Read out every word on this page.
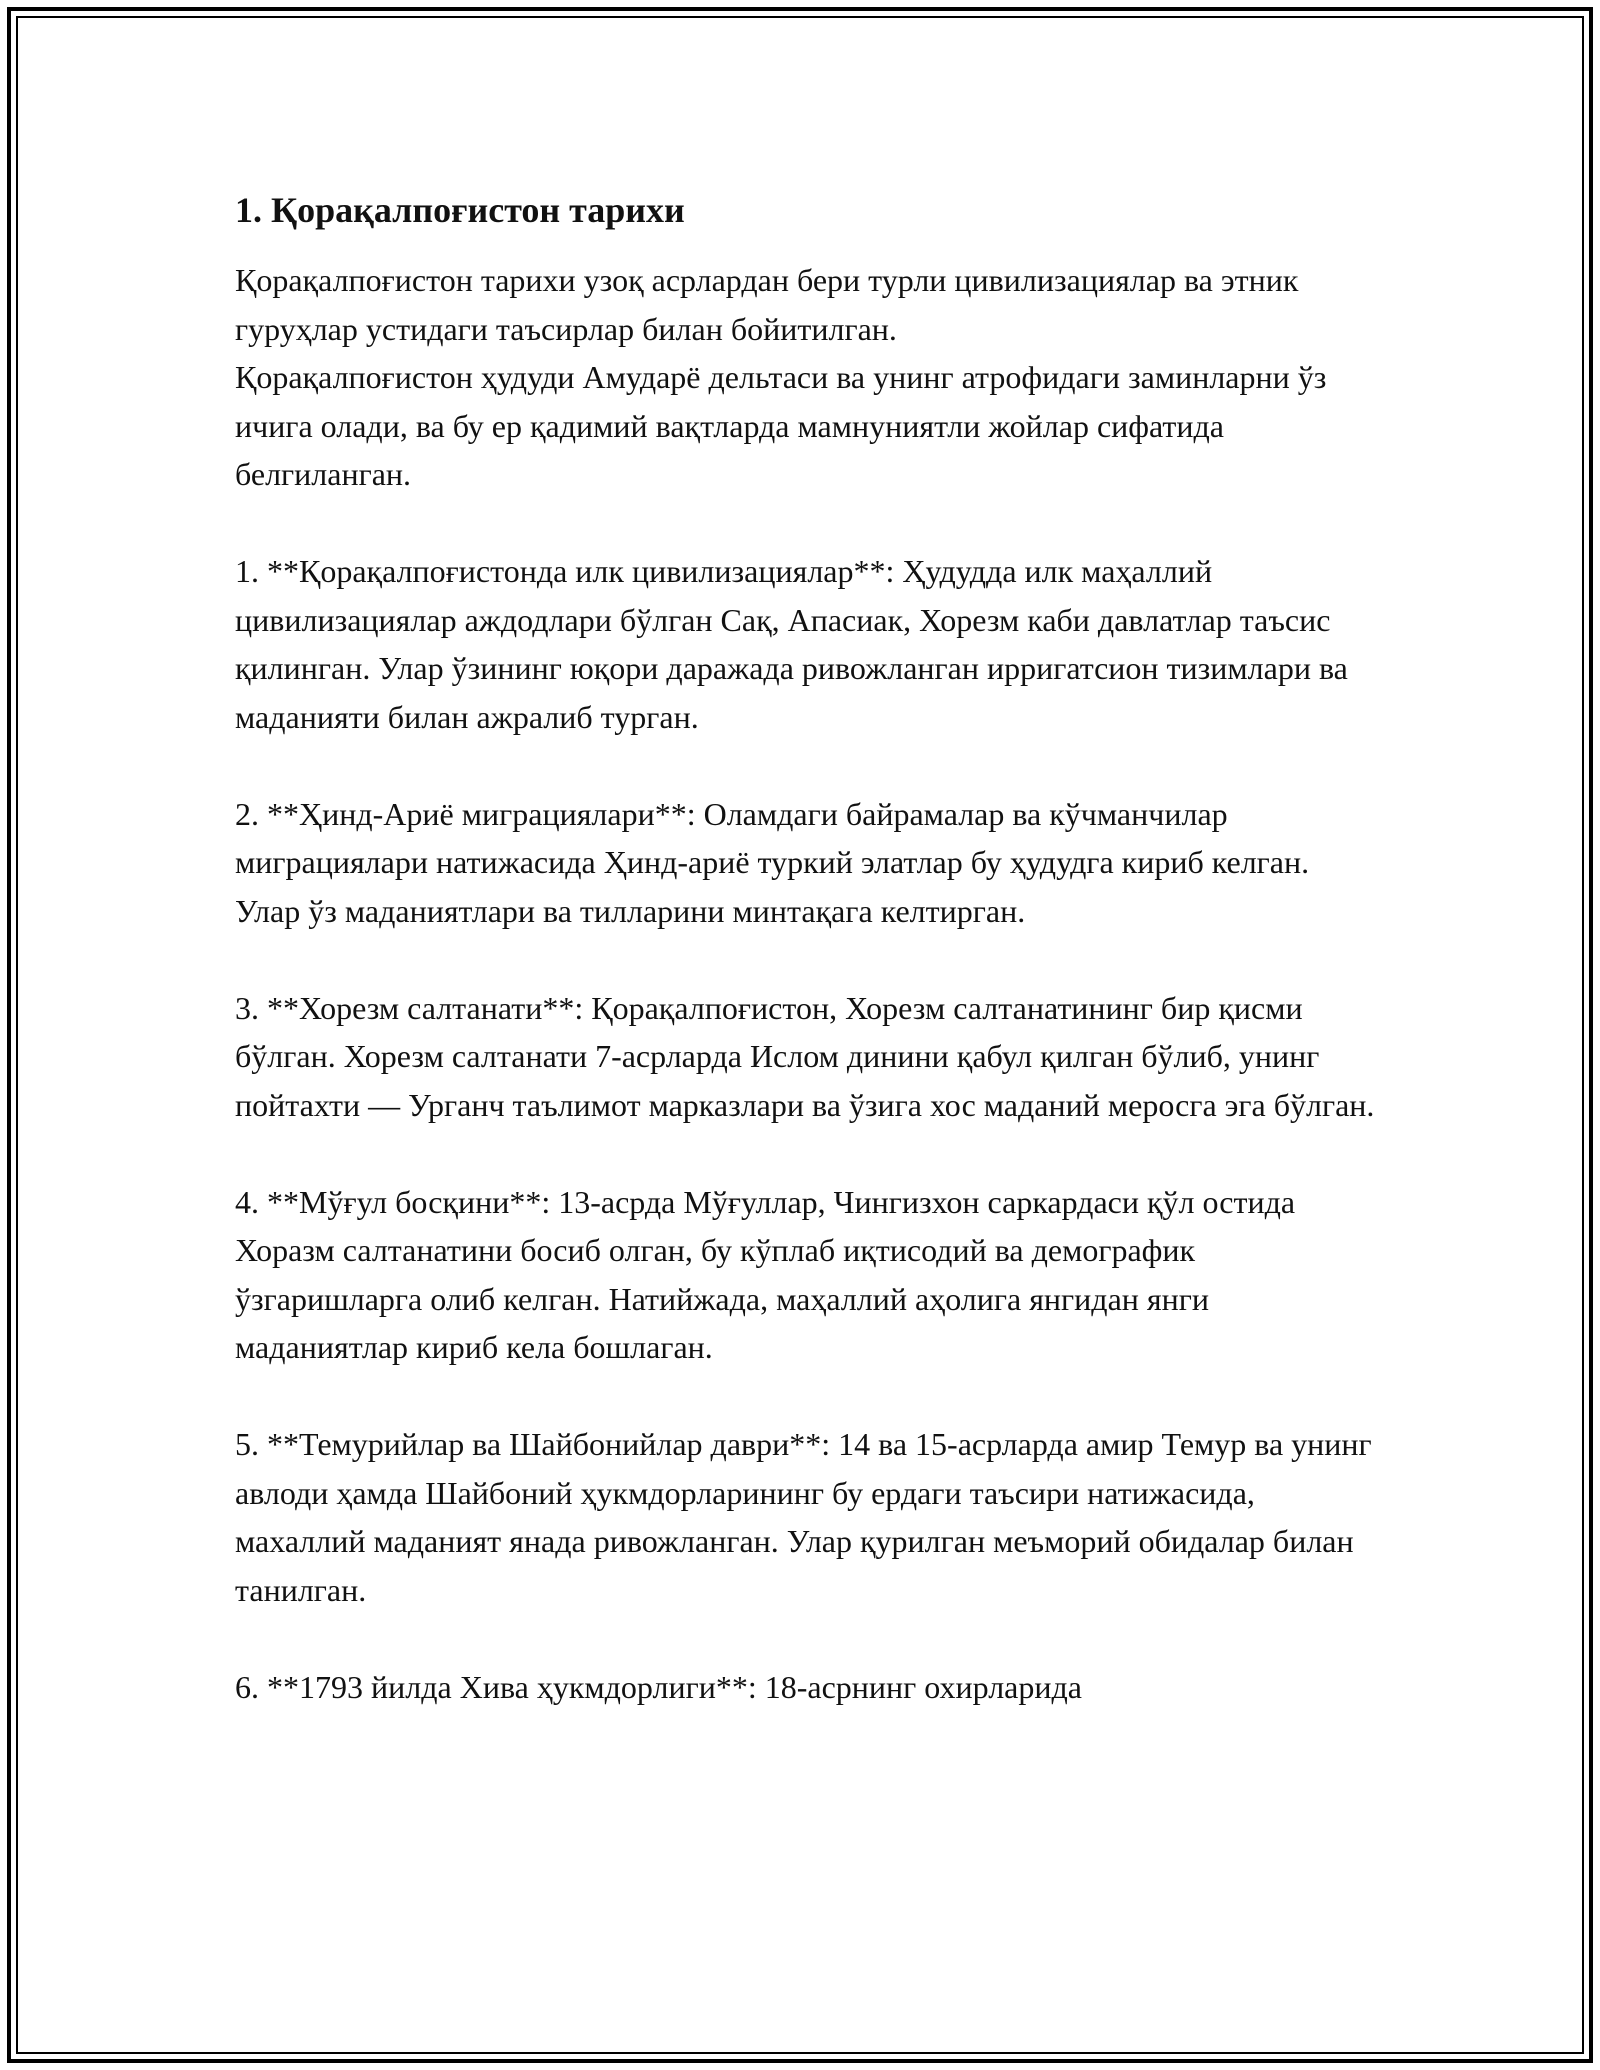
1. Қорақалпоғистон тарихи

Қорақалпоғистон тарихи узоқ асрлардан бери турли цивилизациялар ва этник гуруҳлар устидаги таъсирлар билан бойитилган.

Қорақалпоғистон ҳудуди Амударё дельтаси ва унинг атрофидаги заминларни ўз ичига олади, ва бу ер қадимий вақтларда мамнуниятли жойлар сифатида белгиланган.

1. **Қорақалпоғистонда илк цивилизациялар**: Ҳудудда илк маҳаллий цивилизациялар аждодлари бўлган Сақ, Апасиак, Хорезм каби давлатлар таъсис қилинган. Улар ўзининг юқори даражада ривожланган ирригатсион тизимлари ва маданияти билан ажралиб турган.

2. **Ҳинд-Ариё миграциялари**: Оламдаги байрамалар ва кўчманчилар миграциялари натижасида Ҳинд-ариё туркий элатлар бу ҳудудга кириб келган. Улар ўз маданиятлари ва тилларини минтақага келтирган.

3. **Хорезм салтанати**: Қорақалпоғистон, Хорезм салтанатининг бир қисми бўлган. Хорезм салтанати 7-асрларда Ислом динини қабул қилган бўлиб, унинг пойтахти — Урганч таълимот марказлари ва ўзига хос маданий меросга эга бўлган.

4. **Мўғул босқини**: 13-асрда Мўғуллар, Чингизхон саркардаси қўл остида Хоразм салтанатини босиб олган, бу кўплаб иқтисодий ва демографик ўзгаришларга олиб келган. Натийжада, маҳаллий аҳолига янгидан янги маданиятлар кириб кела бошлаган.

5. **Темурийлар ва Шайбонийлар даври**: 14 ва 15-асрларда амир Темур ва унинг авлоди ҳамда Шайбоний ҳукмдорларининг бу ердаги таъсири натижасида, махаллий маданият янада ривожланган. Улар қурилган меъморий обидалар билан танилган.

6. **1793 йилда Хива ҳукмдорлиги**: 18-асрнинг охирларида
